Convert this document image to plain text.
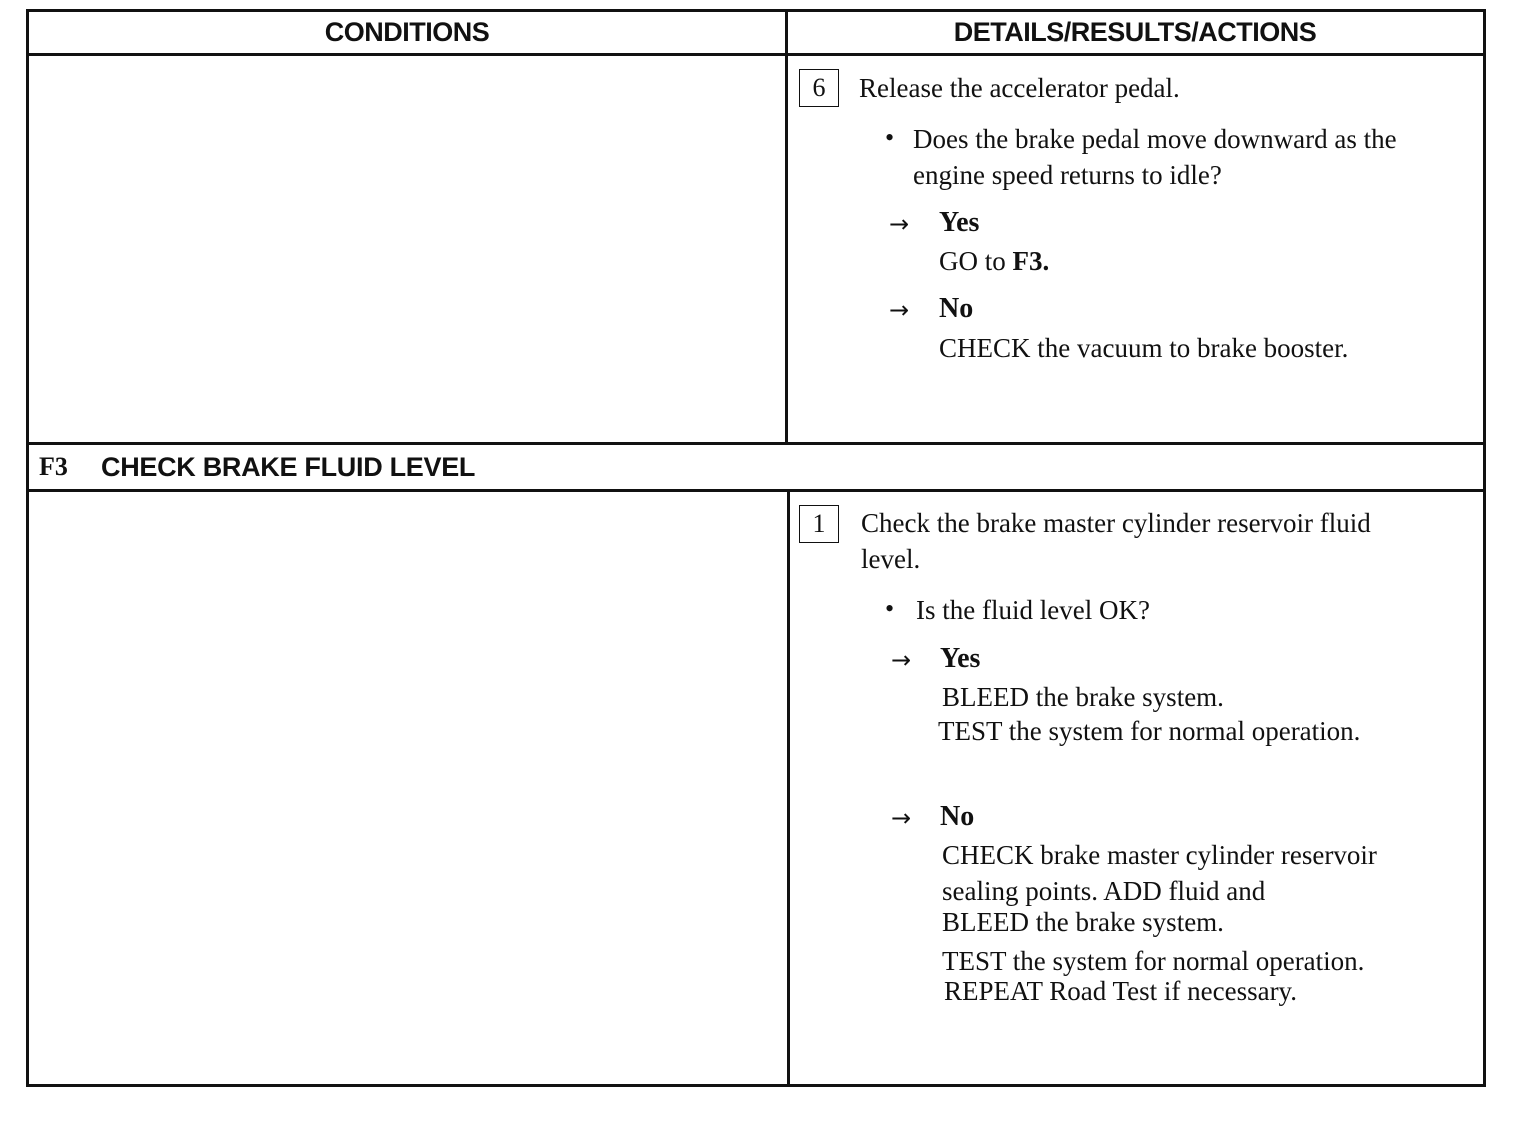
CONDITIONS	DETAILS/RESULTS/ACTIONS
6	Release the accelerator pedal.
• Does the brake pedal move downward as the
engine speed returns to idle?
→ Yes
GO to F3.
→ No
CHECK the vacuum to brake booster.
F3	CHECK BRAKE FLUID LEVEL
1	Check the brake master cylinder reservoir fluid
level.
• Is the fluid level OK?
→ Yes
BLEED the brake system.
TEST the system for normal operation.
→ No
CHECK brake master cylinder reservoir
sealing points. ADD fluid and
BLEED the brake system.
TEST the system for normal operation.
REPEAT Road Test if necessary.
